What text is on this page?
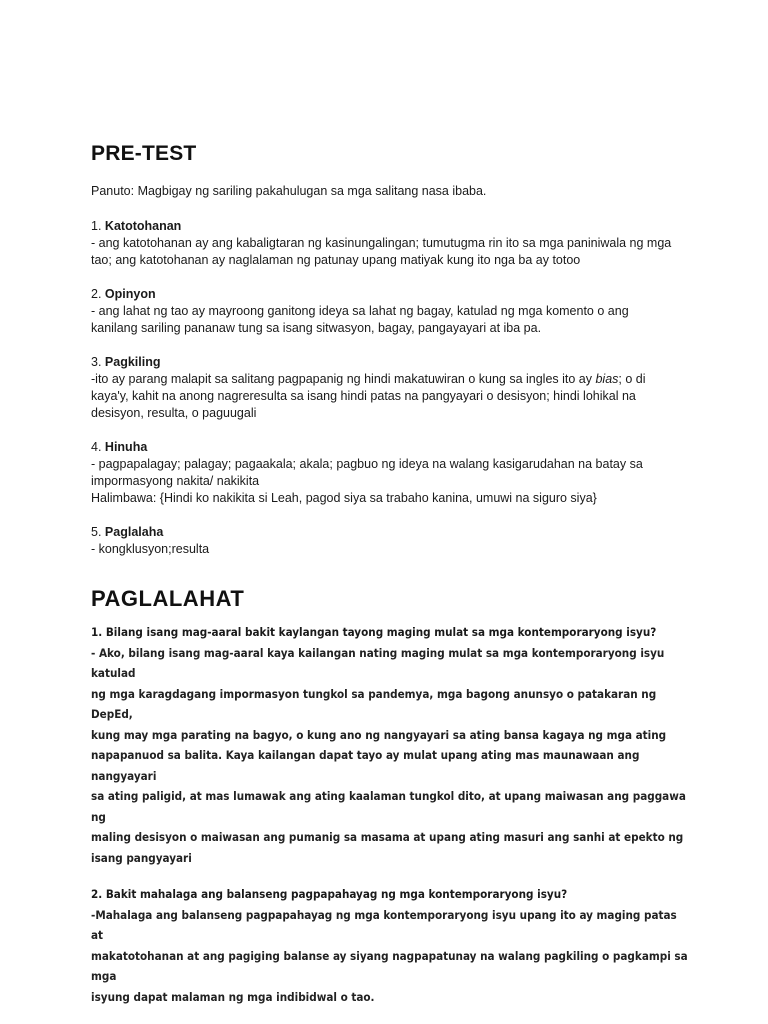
PRE-TEST

Panuto: Magbigay ng sariling pakahulugan sa mga salitang nasa ibaba.

1. Katotohanan
- ang katotohanan ay ang kabaligtaran ng kasinungalingan; tumutugma rin ito sa mga paniniwala ng mga
tao; ang katotohanan ay naglalaman ng patunay upang matiyak kung ito nga ba ay totoo
2. Opinyon
- ang lahat ng tao ay mayroong ganitong ideya sa lahat ng bagay, katulad ng mga komento o ang
kanilang sariling pananaw tung sa isang sitwasyon, bagay, pangayayari at iba pa.
3. Pagkiling
-ito ay parang malapit sa salitang pagpapanig ng hindi makatuwiran o kung sa ingles ito ay bias; o di
kaya'y, kahit na anong nagreresulta sa isang hindi patas na pangyayari o desisyon; hindi lohikal na
desisyon, resulta, o paguugali
4. Hinuha
- pagpapalagay; palagay; pagaakala; akala; pagbuo ng ideya na walang kasigarudahan na batay sa
impormasyong nakita/ nakikita
Halimbawa: {Hindi ko nakikita si Leah, pagod siya sa trabaho kanina, umuwi na siguro siya}
5. Paglalaha
- kongklusyon;resulta
PAGLALAHAT
1. Bilang isang mag-aaral bakit kaylangan tayong maging mulat sa mga kontemporaryong isyu?
- Ako, bilang isang mag-aaral kaya kailangan nating maging mulat sa mga kontemporaryong isyu katulad
ng mga karagdagang impormasyon tungkol sa pandemya, mga bagong anunsyo o patakaran ng DepEd,
kung may mga parating na bagyo, o kung ano ng nangyayari sa ating bansa kagaya ng mga ating
napapanuod sa balita. Kaya kailangan dapat tayo ay mulat upang ating mas maunawaan ang nangyayari
sa ating paligid, at mas lumawak ang ating kaalaman tungkol dito, at upang maiwasan ang paggawa ng
maling desisyon o maiwasan ang pumanig sa masama at upang ating masuri ang sanhi at epekto ng
isang pangyayari
2. Bakit mahalaga ang balanseng pagpapahayag ng mga kontemporaryong isyu?
-Mahalaga ang balanseng pagpapahayag ng mga kontemporaryong isyu upang ito ay maging patas at
makatotohanan at ang pagiging balanse ay siyang nagpapatunay na walang pagkiling o pagkampi sa mga
isyung dapat malaman ng mga indibidwal o tao.
